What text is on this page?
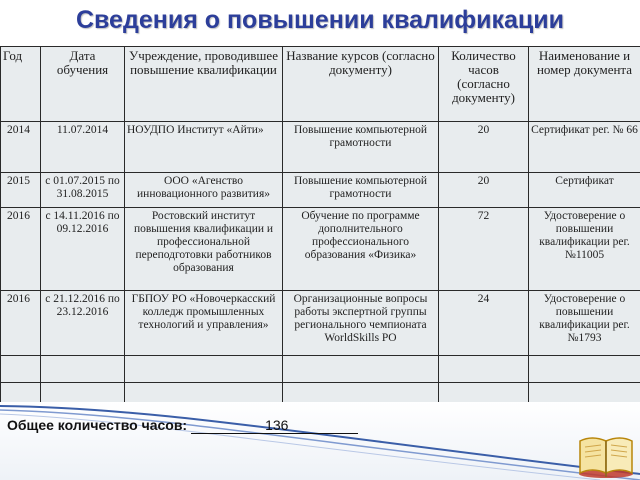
Сведения о повышении квалификации
Год	Дата обучения	Учреждение, проводившее повышение квалификации	Название курсов (согласно документу)	Количество часов (согласно документу)	Наименование и номер документа
2014	11.07.2014	НОУДПО Институт «Айти»	Повышение компьютерной грамотности	20	Сертификат рег. № 66
2015	с 01.07.2015 по 31.08.2015	ООО «Агенство инновационного развития»	Повышение компьютерной грамотности	20	Сертификат
2016	с 14.11.2016 по 09.12.2016	Ростовский институт повышения квалификации и профессиональной переподготовки работников образования	Обучение по программе дополнительного профессионального образования «Физика»	72	Удостоверение о повышении квалификации рег. №11005
2016	с 21.12.2016 по 23.12.2016	ГБПОУ РО «Новочеркасский колледж промышленных технологий и управления»	Организационные вопросы работы экспертной группы регионального чемпионата WorldSkills PO	24	Удостоверение о повышении квалификации рег. №1793

Общее количество часов:	136
